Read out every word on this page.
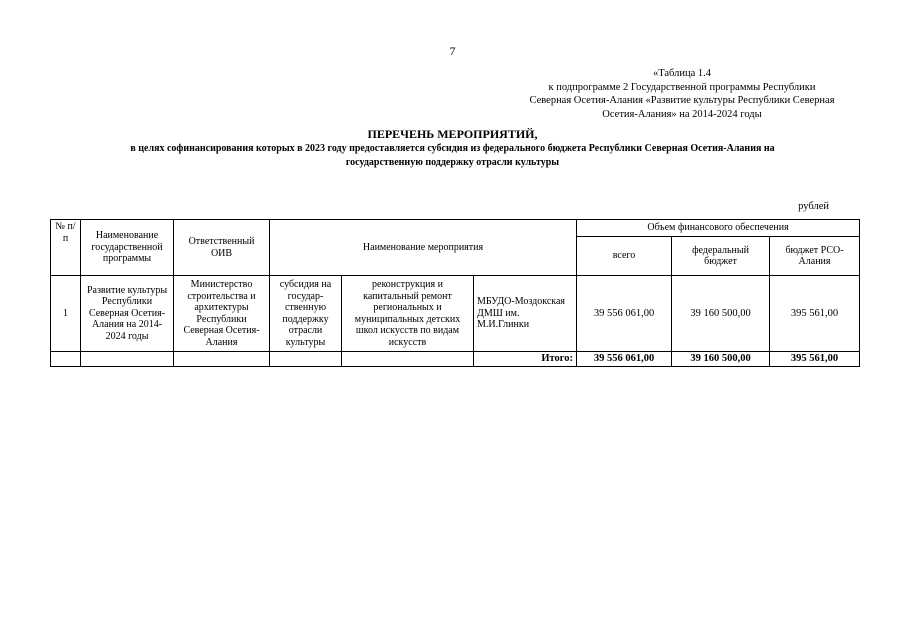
7
«Таблица 1.4
к подпрограмме 2 Государственной программы Республики
Северная Осетия-Алания «Развитие культуры Республики Северная
Осетия-Алания» на 2014-2024 годы
ПЕРЕЧЕНЬ МЕРОПРИЯТИЙ,
в целях софинансирования которых в 2023 году предоставляется субсидия из федерального бюджета Республики Северная Осетия-Алания на
государственную поддержку отрасли культуры
рублей
№ п/п	Наименование государственной программы	Ответственный ОИВ	Наименование мероприятия			Объем финансового обеспечения		
						всего	федеральный бюджет	бюджет РСО-Алания
1	Развитие культуры Республики Северная Осетия-Алания на 2014-2024 годы	Министерство строительства и архитектуры Республики Северная Осетия-Алания	субсидия на государ-ственную поддержку отрасли культуры	реконструкция и капитальный ремонт региональных и муниципальных детских школ искусств по видам искусств	МБУДО-Моздокская ДМШ им. М.И.Глинки	39 556 061,00	39 160 500,00	395 561,00
					Итого:	39 556 061,00	39 160 500,00	395 561,00
